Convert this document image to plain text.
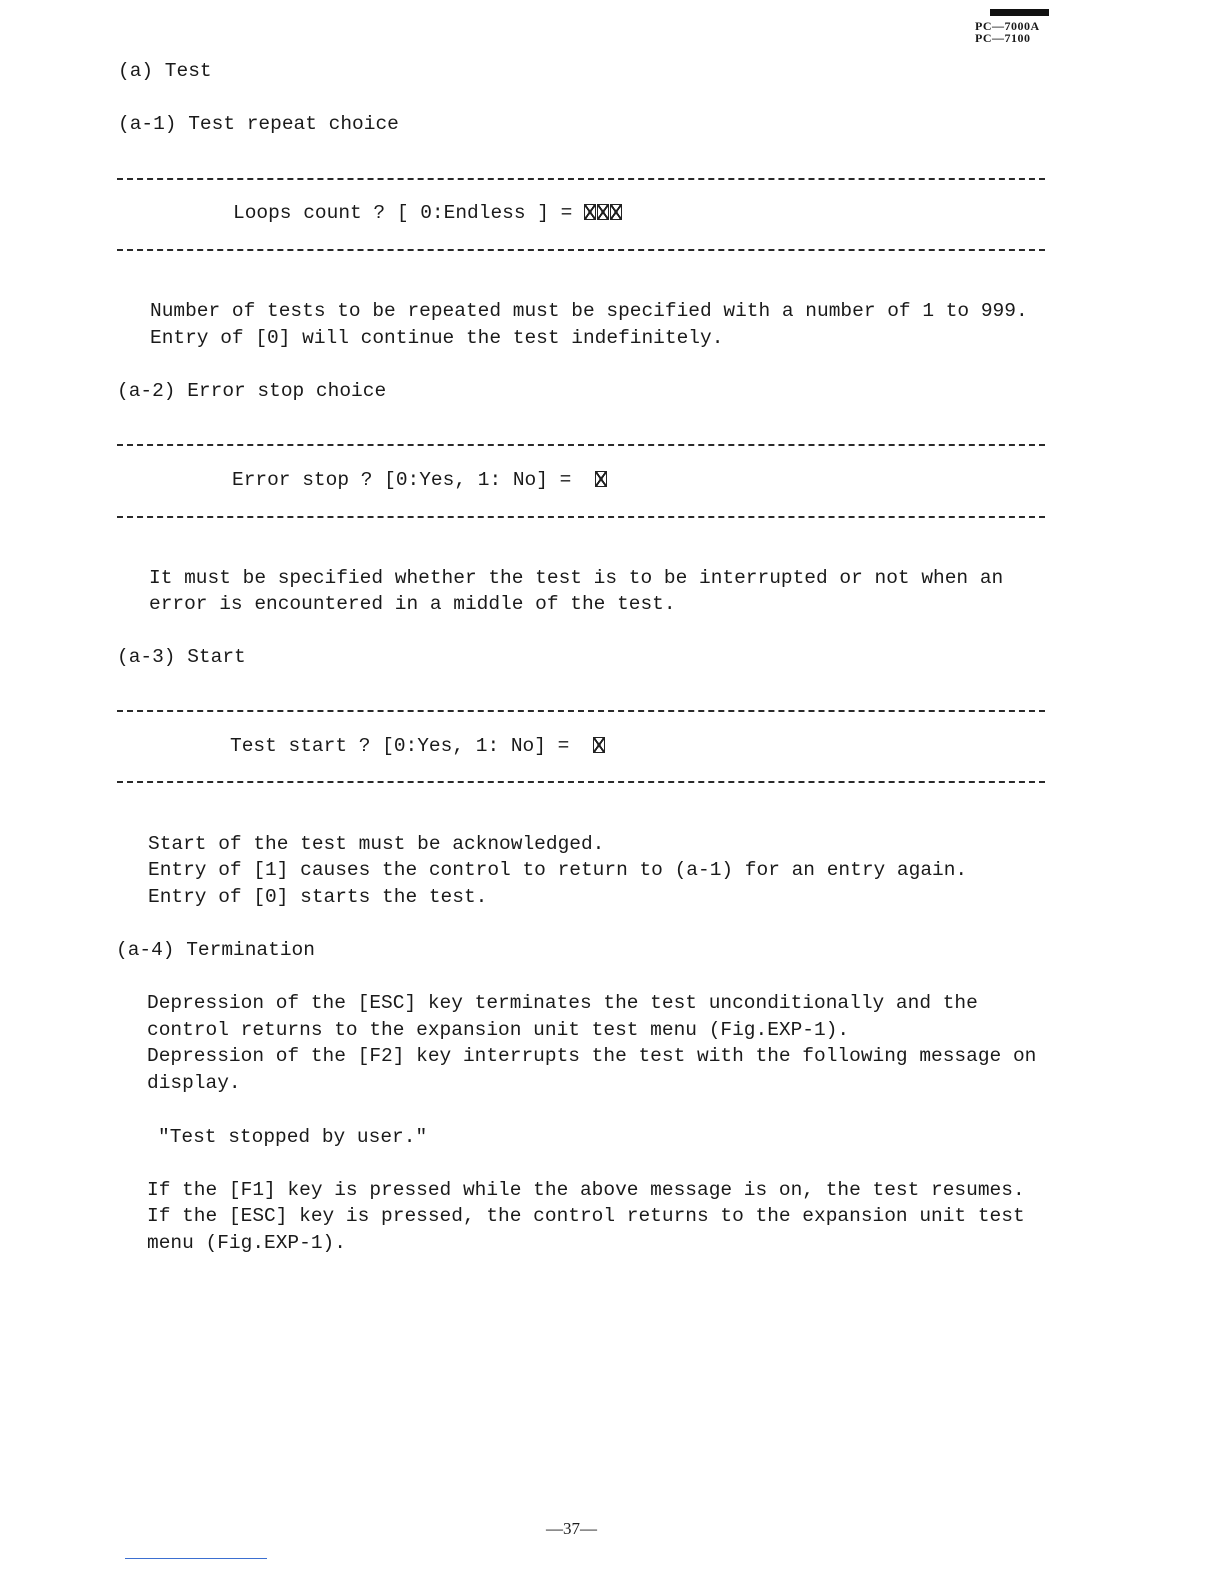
PC—7000A
PC—7100
(a) Test
(a-1) Test repeat choice
Loops count ? [ 0:Endless ] =
Number of tests to be repeated must be specified with a number of 1 to 999.
Entry of [0] will continue the test indefinitely.
(a-2) Error stop choice
Error stop ? [0:Yes, 1: No] =
It must be specified whether the test is to be interrupted or not when an
error is encountered in a middle of the test.
(a-3) Start
Test start ? [0:Yes, 1: No] =
Start of the test must be acknowledged.
Entry of [1] causes the control to return to (a-1) for an entry again.
Entry of [0] starts the test.
(a-4) Termination
Depression of the [ESC] key terminates the test unconditionally and the
control returns to the expansion unit test menu (Fig.EXP-1).
Depression of the [F2] key interrupts the test with the following message on
display.
"Test stopped by user."
If the [F1] key is pressed while the above message is on, the test resumes.
If the [ESC] key is pressed, the control returns to the expansion unit test
menu (Fig.EXP-1).
—37—
